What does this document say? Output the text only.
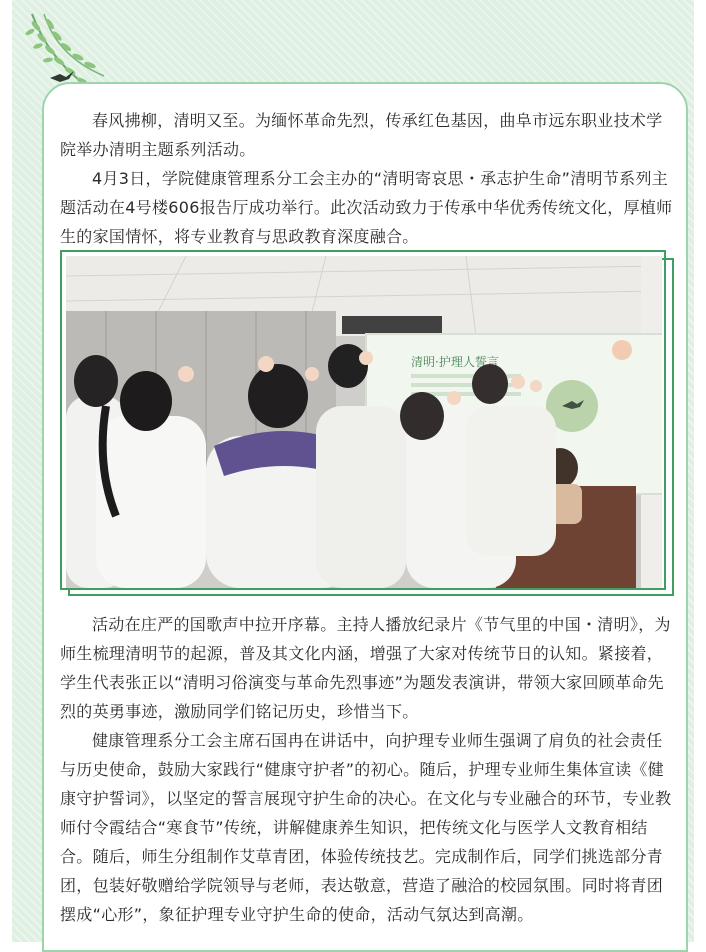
春风拂柳，清明又至。为缅怀革命先烈，传承红色基因，曲阜市远东职业技术学院举办清明主题系列活动。

4月3日，学院健康管理系分工会主办的“清明寄哀思・承志护生命”清明节系列主题活动在4号楼606报告厅成功举行。此次活动致力于传承中华优秀传统文化，厚植师生的家国情怀，将专业教育与思政教育深度融合。

活动在庄严的国歌声中拉开序幕。主持人播放纪录片《节气里的中国・清明》，为师生梳理清明节的起源，普及其文化内涵，增强了大家对传统节日的认知。紧接着，学生代表张正以“清明习俗演变与革命先烈事迹”为题发表演讲，带领大家回顾革命先烈的英勇事迹，激励同学们铭记历史，珍惜当下。

健康管理系分工会主席石国冉在讲话中，向护理专业师生强调了肩负的社会责任与历史使命，鼓励大家践行“健康守护者”的初心。随后，护理专业师生集体宣读《健康守护誓词》，以坚定的誓言展现守护生命的决心。在文化与专业融合的环节，专业教师付令霞结合“寒食节”传统，讲解健康养生知识，把传统文化与医学人文教育相结合。随后，师生分组制作艾草青团，体验传统技艺。完成制作后，同学们挑选部分青团，包装好敬赠给学院领导与老师，表达敬意，营造了融洽的校园氛围。同时将青团摆成“心形”，象征护理专业守护生命的使命，活动气氛达到高潮。
